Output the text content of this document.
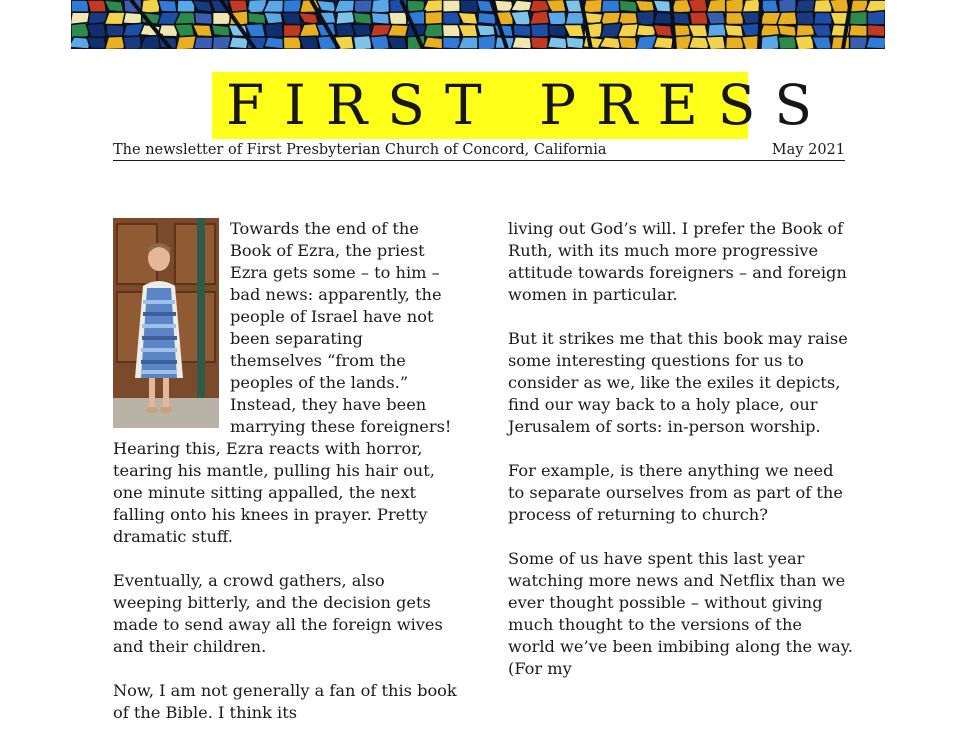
FIRST PRESS
The newsletter of First Presbyterian Church of Concord, California	May 2021

Towards the end of the Book of Ezra, the priest Ezra gets some – to him – bad news: apparently, the people of Israel have not been separating themselves “from the peoples of the lands.” Instead, they have been marrying these foreigners! Hearing this, Ezra reacts with horror, tearing his mantle, pulling his hair out, one minute sitting appalled, the next falling onto his knees in prayer. Pretty dramatic stuff.

Eventually, a crowd gathers, also weeping bitterly, and the decision gets made to send away all the foreign wives and their children.

Now, I am not generally a fan of this book of the Bible. I think its

living out God’s will. I prefer the Book of Ruth, with its much more progressive attitude towards foreigners – and foreign women in particular.

But it strikes me that this book may raise some interesting questions for us to consider as we, like the exiles it depicts, find our way back to a holy place, our Jerusalem of sorts: in-person worship.

For example, is there anything we need to separate ourselves from as part of the process of returning to church?

Some of us have spent this last year watching more news and Netflix than we ever thought possible – without giving much thought to the versions of the world we’ve been imbibing along the way. (For my
